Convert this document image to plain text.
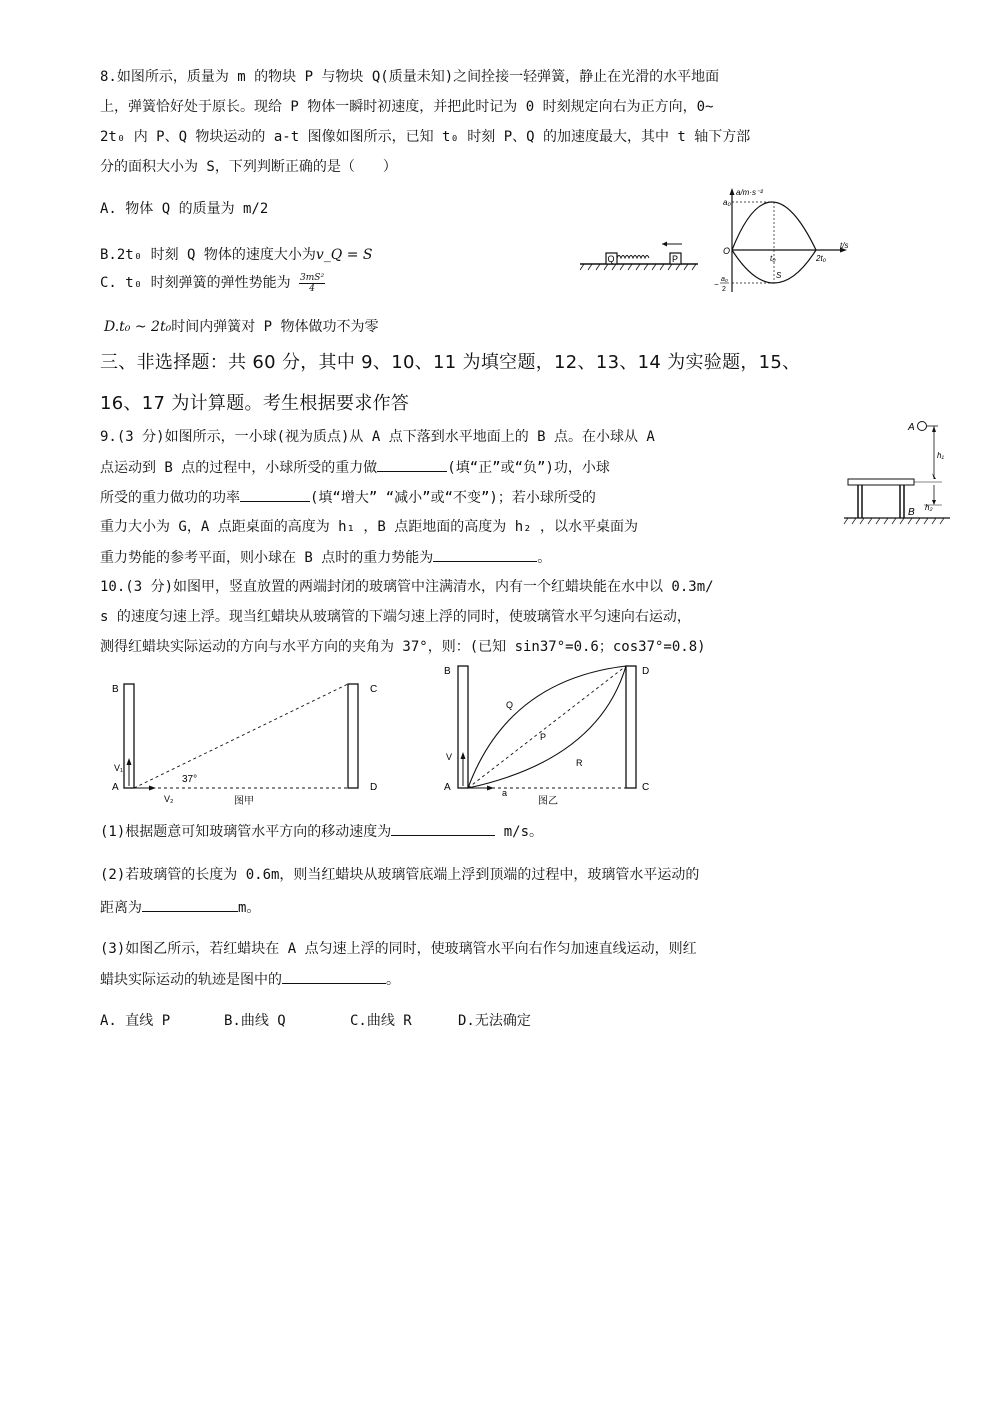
8.如图所示，质量为 m 的物块 P 与物块 Q(质量未知)之间拴接一轻弹簧，静止在光滑的水平地面
上，弹簧恰好处于原长。现给 P 物体一瞬时初速度，并把此时记为 0 时刻规定向右为正方向，0~
2t₀ 内 P、Q 物块运动的 a-t 图像如图所示，已知 t₀ 时刻 P、Q 的加速度最大，其中 t 轴下方部
分的面积大小为 S，下列判断正确的是（　　）
A. 物体 Q 的质量为 m/2
B.2t₀ 时刻 Q 物体的速度大小为v_Q = S
C. t₀ 时刻弹簧的弹性势能为 $\frac{\text{3mS²}}{4}$
D.t₀ ~ 2t₀时间内弹簧对 P 物体做功不为零
Q	P
a/m·s⁻²
a₀
O
t/s
t₀	2t₀
S
−
a₀
2
三、非选择题：共 60 分，其中 9、10、11 为填空题，12、13、14 为实验题，15、
16、17 为计算题。考生根据要求作答
9.(3 分)如图所示，一小球(视为质点)从 A 点下落到水平地面上的 B 点。在小球从 A
点运动到 B 点的过程中，小球所受的重力做	(填“正”或“负”)功，小球
所受的重力做功的功率	(填“增大” “减小”或“不变”)；若小球所受的
重力大小为 G，A 点距桌面的高度为 h₁ ，B 点距地面的高度为 h₂ ，以水平桌面为
重力势能的参考平面，则小球在 B 点时的重力势能为	。
A
h₁
h₂
B
10.(3 分)如图甲，竖直放置的两端封闭的玻璃管中注满清水，内有一个红蜡块能在水中以 0.3m/
s 的速度匀速上浮。现当红蜡块从玻璃管的下端匀速上浮的同时，使玻璃管水平匀速向右运动，
测得红蜡块实际运动的方向与水平方向的夹角为 37°，则：(已知 sin37°=0.6；cos37°=0.8)
B	C
A	D
V₁
V₂
37°
图甲
B	D
A	C
V
a
Q
P
R
图乙
(1)根据题意可知玻璃管水平方向的移动速度为	m/s。
(2)若玻璃管的长度为 0.6m，则当红蜡块从玻璃管底端上浮到顶端的过程中，玻璃管水平运动的
距离为	m。
(3)如图乙所示，若红蜡块在 A 点匀速上浮的同时，使玻璃管水平向右作匀加速直线运动，则红
蜡块实际运动的轨迹是图中的	。
A. 直线 P	B.曲线 Q	C.曲线 R	D.无法确定
